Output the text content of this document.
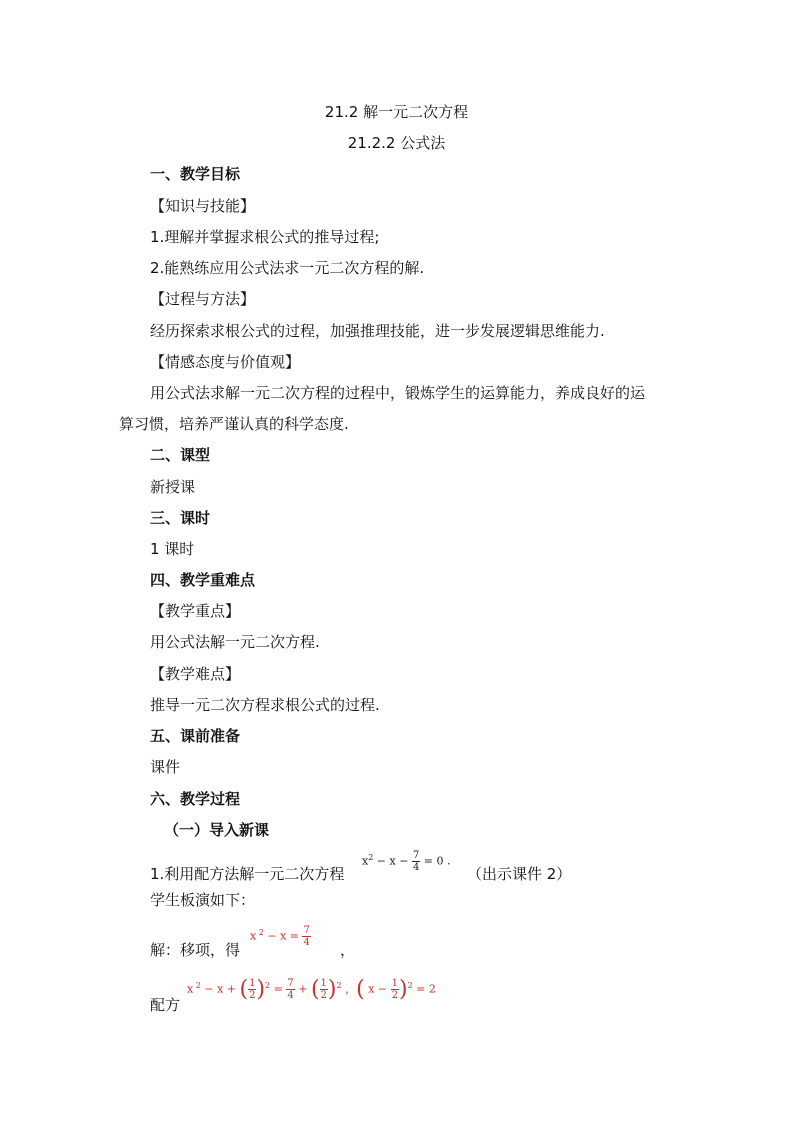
21.2 解一元二次方程
21.2.2 公式法
一、教学目标
【知识与技能】
1.理解并掌握求根公式的推导过程;
2.能熟练应用公式法求一元二次方程的解.
【过程与方法】
经历探索求根公式的过程，加强推理技能，进一步发展逻辑思维能力.
【情感态度与价值观】
用公式法求解一元二次方程的过程中，锻炼学生的运算能力，养成良好的运
算习惯，培养严谨认真的科学态度.
二、课型
新授课
三、课时
1 课时
四、教学重难点
【教学重点】
用公式法解一元二次方程.
【教学难点】
推导一元二次方程求根公式的过程.
五、课前准备
课件
六、教学过程
（一）导入新课
1.利用配方法解一元二次方程
$x^2 - x - \frac{7}{4} = 0$ .
（出示课件 2）
学生板演如下：
解：移项，得
x $^2 - x = \frac{7}{4}$
，
配方
x $^2$ − x + ( $\frac{1}{2} )^2 = \frac{7}{4}$ + ( $\frac{1}{2} )^2$ ，( $x - \frac{1}{2} )^2 = 2$
